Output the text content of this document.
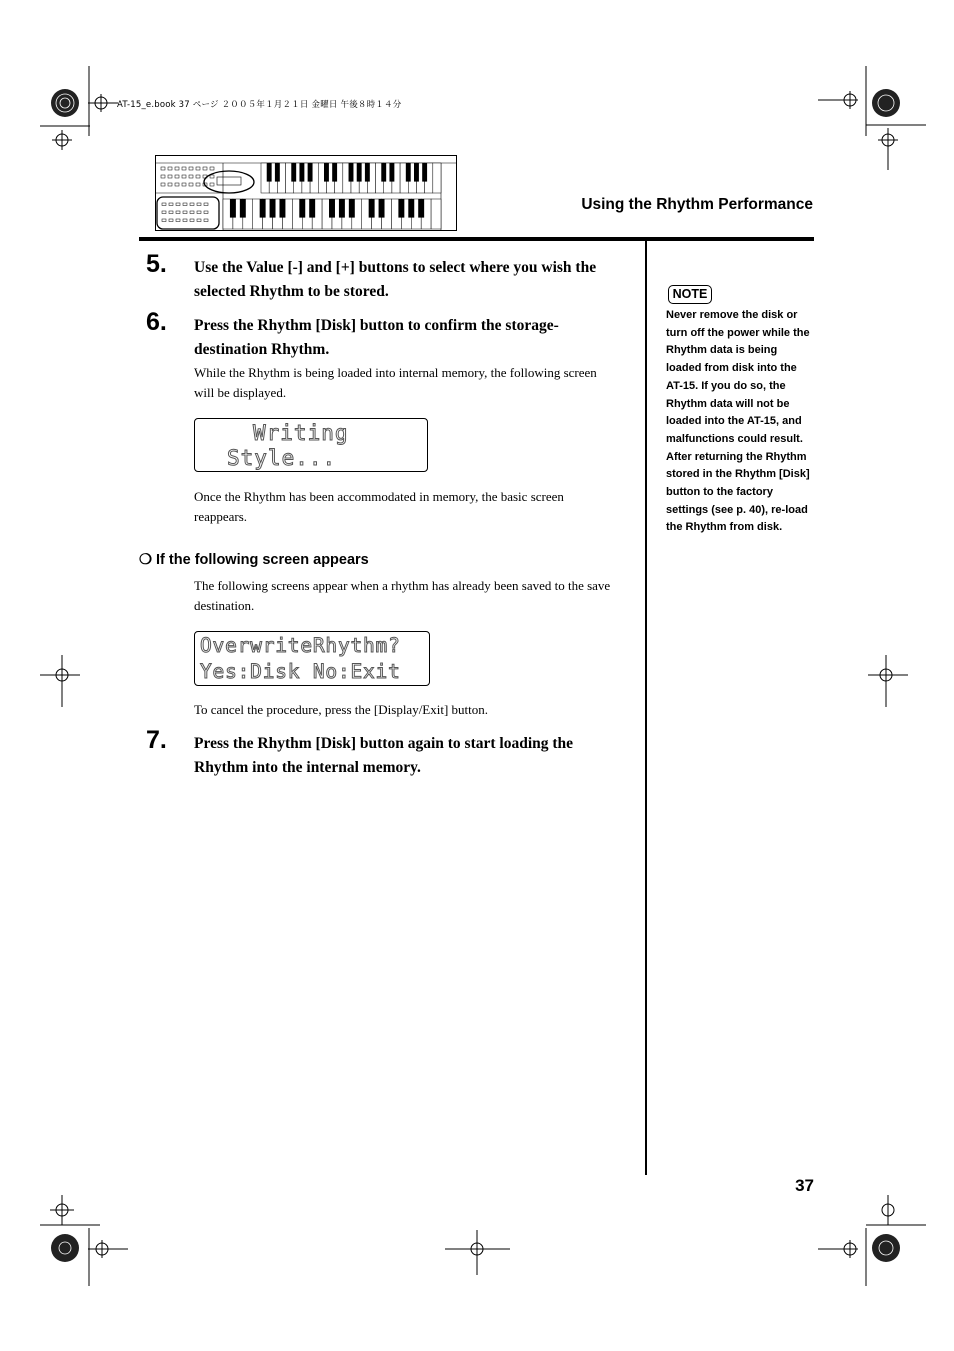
AT-15_e.book 37 ページ ２００５年１月２１日 金曜日 午後８時１４分
Using the Rhythm Performance
5. Use the Value [-] and [+] buttons to select where you wish the selected Rhythm to be stored.
6. Press the Rhythm [Disk] button to confirm the storage-destination Rhythm.
While the Rhythm is being loaded into internal memory, the following screen will be displayed.
Writing
Style...
Once the Rhythm has been accommodated in memory, the basic screen reappears.
❍ If the following screen appears
The following screens appear when a rhythm has already been saved to the save destination.
OverwriteRhythm?
Yes:Disk No:Exit
To cancel the procedure, press the [Display/Exit] button.
7. Press the Rhythm [Disk] button again to start loading the Rhythm into the internal memory.
NOTE
Never remove the disk or turn off the power while the Rhythm data is being loaded from disk into the AT-15. If you do so, the Rhythm data will not be loaded into the AT-15, and malfunctions could result. After returning the Rhythm stored in the Rhythm [Disk] button to the factory settings (see p. 40), re-load the Rhythm from disk.
37
